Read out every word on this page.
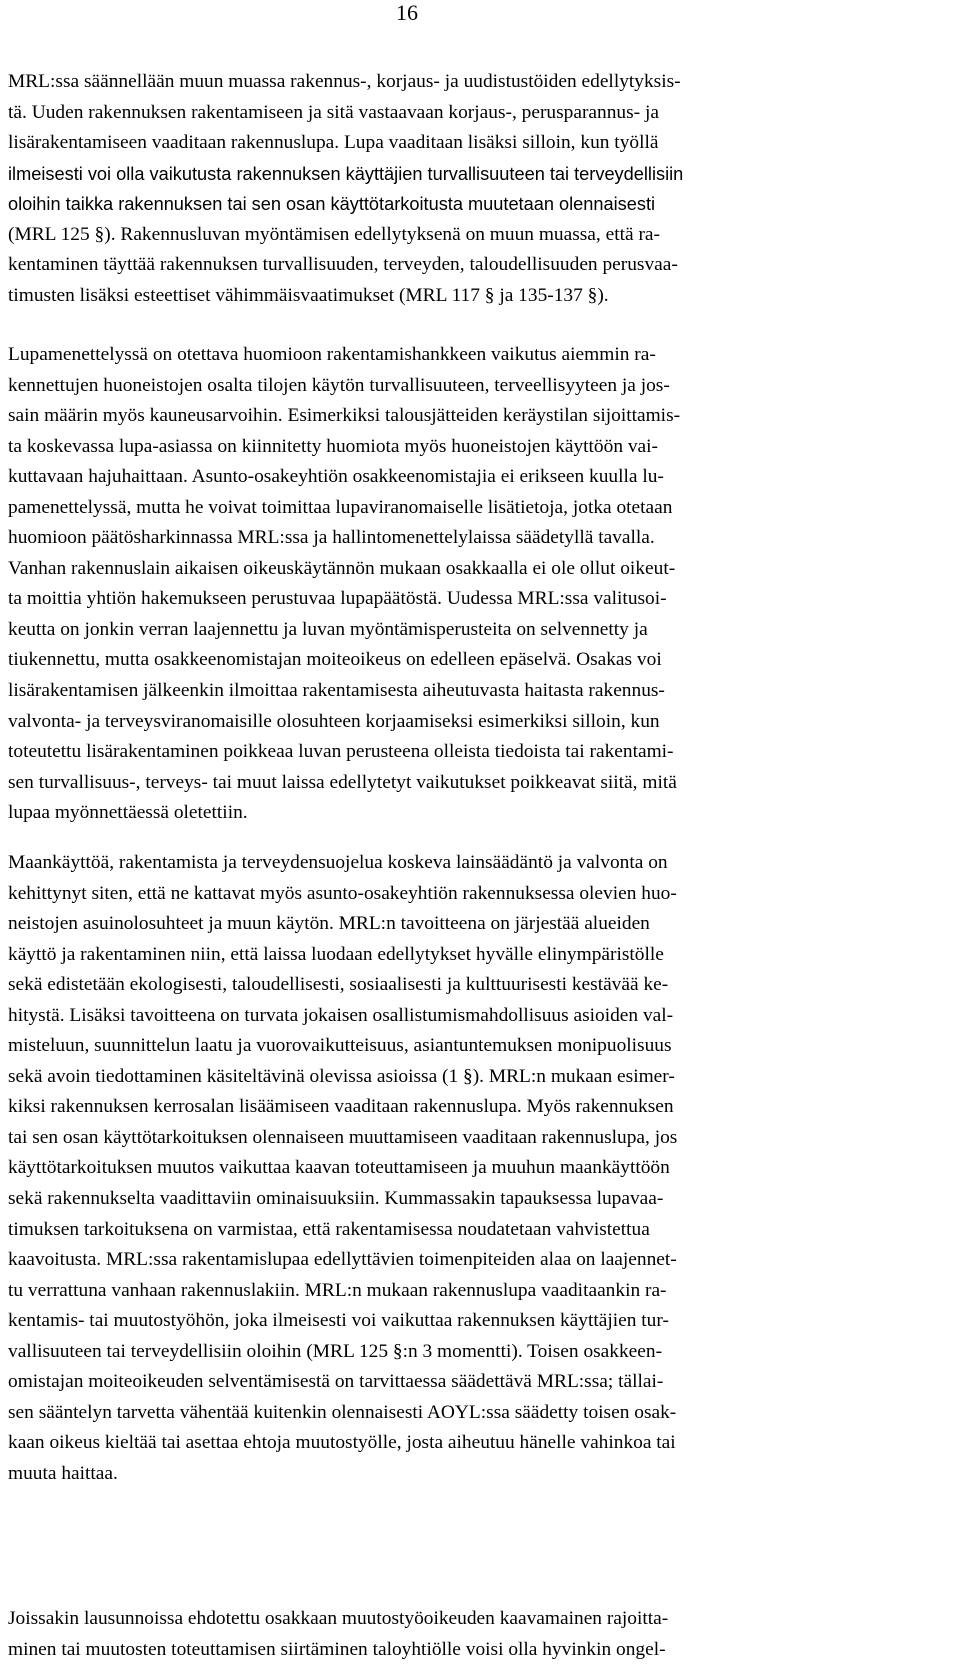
16
MRL:ssa säännellään muun muassa rakennus-, korjaus- ja uudistustöiden edellytyksis-
tä. Uuden rakennuksen rakentamiseen ja sitä vastaavaan korjaus-, perusparannus- ja
lisärakentamiseen vaaditaan rakennuslupa. Lupa vaaditaan lisäksi silloin, kun työllä
ilmeisesti voi olla vaikutusta rakennuksen käyttäjien turvallisuuteen tai terveydellisiin
oloihin taikka rakennuksen tai sen osan käyttötarkoitusta muutetaan olennaisesti
(MRL 125 §). Rakennusluvan myöntämisen edellytyksenä on muun muassa, että ra-
kentaminen täyttää rakennuksen turvallisuuden, terveyden, taloudellisuuden perusvaa-
timusten lisäksi esteettiset vähimmäisvaatimukset (MRL 117 § ja 135-137 §).
Lupamenettelyssä on otettava huomioon rakentamishankkeen vaikutus aiemmin ra-
kennettujen huoneistojen osalta tilojen käytön turvallisuuteen, terveellisyyteen ja jos-
sain määrin myös kauneusarvoihin. Esimerkiksi talousjätteiden keräystilan sijoittamis-
ta koskevassa lupa-asiassa on kiinnitetty huomiota myös huoneistojen käyttöön vai-
kuttavaan hajuhaittaan. Asunto-osakeyhtiön osakkeenomistajia ei erikseen kuulla lu-
pamenettelyssä, mutta he voivat toimittaa lupaviranomaiselle lisätietoja, jotka otetaan
huomioon päätösharkinnassa MRL:ssa ja hallintomenettelylaissa säädetyllä tavalla.
Vanhan rakennuslain aikaisen oikeuskäytännön mukaan osakkaalla ei ole ollut oikeut-
ta moittia yhtiön hakemukseen perustuvaa lupapäätöstä. Uudessa MRL:ssa valitusoi-
keutta on jonkin verran laajennettu ja luvan myöntämisperusteita on selvennetty ja
tiukennettu, mutta osakkeenomistajan moiteoikeus on edelleen epäselvä. Osakas voi
lisärakentamisen jälkeenkin ilmoittaa rakentamisesta aiheutuvasta haitasta rakennus-
valvonta- ja terveysviranomaisille olosuhteen korjaamiseksi esimerkiksi silloin, kun
toteutettu lisärakentaminen poikkeaa luvan perusteena olleista tiedoista tai rakentami-
sen turvallisuus-, terveys- tai muut laissa edellytetyt vaikutukset poikkeavat siitä, mitä
lupaa myönnettäessä oletettiin.
Maankäyttöä, rakentamista ja terveydensuojelua koskeva lainsäädäntö ja valvonta on
kehittynyt siten, että ne kattavat myös asunto-osakeyhtiön rakennuksessa olevien huo-
neistojen asuinolosuhteet ja muun käytön. MRL:n tavoitteena on järjestää alueiden
käyttö ja rakentaminen niin, että laissa luodaan edellytykset hyvälle elinympäristölle
sekä edistetään ekologisesti, taloudellisesti, sosiaalisesti ja kulttuurisesti kestävää ke-
hitystä. Lisäksi tavoitteena on turvata jokaisen osallistumismahdollisuus asioiden val-
misteluun, suunnittelun laatu ja vuorovaikutteisuus, asiantuntemuksen monipuolisuus
sekä avoin tiedottaminen käsiteltävinä olevissa asioissa (1 §). MRL:n mukaan esimer-
kiksi rakennuksen kerrosalan lisäämiseen vaaditaan rakennuslupa. Myös rakennuksen
tai sen osan käyttötarkoituksen olennaiseen muuttamiseen vaaditaan rakennuslupa, jos
käyttötarkoituksen muutos vaikuttaa kaavan toteuttamiseen ja muuhun maankäyttöön
sekä rakennukselta vaadittaviin ominaisuuksiin. Kummassakin tapauksessa lupavaa-
timuksen tarkoituksena on varmistaa, että rakentamisessa noudatetaan vahvistettua
kaavoitusta. MRL:ssa rakentamislupaa edellyttävien toimenpiteiden alaa on laajennet-
tu verrattuna vanhaan rakennuslakiin. MRL:n mukaan rakennuslupa vaaditaankin ra-
kentamis- tai muutostyöhön, joka ilmeisesti voi vaikuttaa rakennuksen käyttäjien tur-
vallisuuteen tai terveydellisiin oloihin (MRL 125 §:n 3 momentti). Toisen osakkeen-
omistajan moiteoikeuden selventämisestä on tarvittaessa säädettävä MRL:ssa; tällai-
sen sääntelyn tarvetta vähentää kuitenkin olennaisesti AOYL:ssa säädetty toisen osak-
kaan oikeus kieltää tai asettaa ehtoja muutostyölle, josta aiheutuu hänelle vahinkoa tai
muuta haittaa.
Joissakin lausunnoissa ehdotettu osakkaan muutostyöoikeuden kaavamainen rajoitta-
minen tai muutosten toteuttamisen siirtäminen taloyhtiölle voisi olla hyvinkin ongel-
